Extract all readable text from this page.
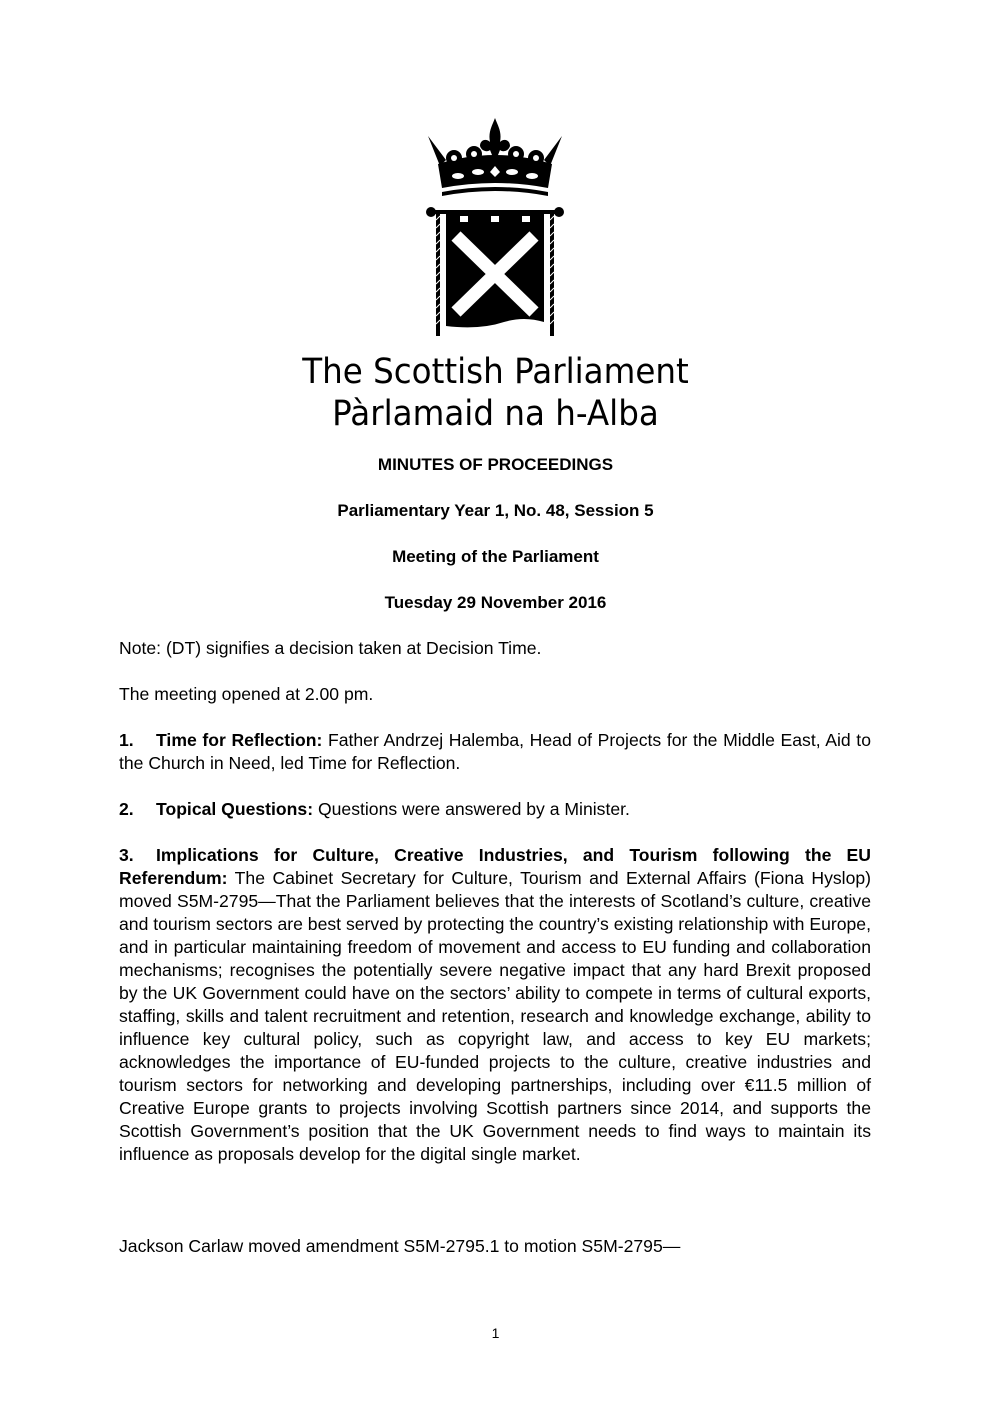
The Scottish Parliament
Pàrlamaid na h-Alba
MINUTES OF PROCEEDINGS
Parliamentary Year 1, No. 48, Session 5
Meeting of the Parliament
Tuesday 29 November 2016
Note: (DT) signifies a decision taken at Decision Time.
The meeting opened at 2.00 pm.
1. Time for Reflection: Father Andrzej Halemba, Head of Projects for the Middle East, Aid to the Church in Need, led Time for Reflection.
2. Topical Questions: Questions were answered by a Minister.
3. Implications for Culture, Creative Industries, and Tourism following the EU Referendum: The Cabinet Secretary for Culture, Tourism and External Affairs (Fiona Hyslop) moved S5M-2795—That the Parliament believes that the interests of Scotland’s culture, creative and tourism sectors are best served by protecting the country’s existing relationship with Europe, and in particular maintaining freedom of movement and access to EU funding and collaboration mechanisms; recognises the potentially severe negative impact that any hard Brexit proposed by the UK Government could have on the sectors’ ability to compete in terms of cultural exports, staffing, skills and talent recruitment and retention, research and knowledge exchange, ability to influence key cultural policy, such as copyright law, and access to key EU markets; acknowledges the importance of EU-funded projects to the culture, creative industries and tourism sectors for networking and developing partnerships, including over €11.5 million of Creative Europe grants to projects involving Scottish partners since 2014, and supports the Scottish Government’s position that the UK Government needs to find ways to maintain its influence as proposals develop for the digital single market.
Jackson Carlaw moved amendment S5M-2795.1 to motion S5M-2795—
1
